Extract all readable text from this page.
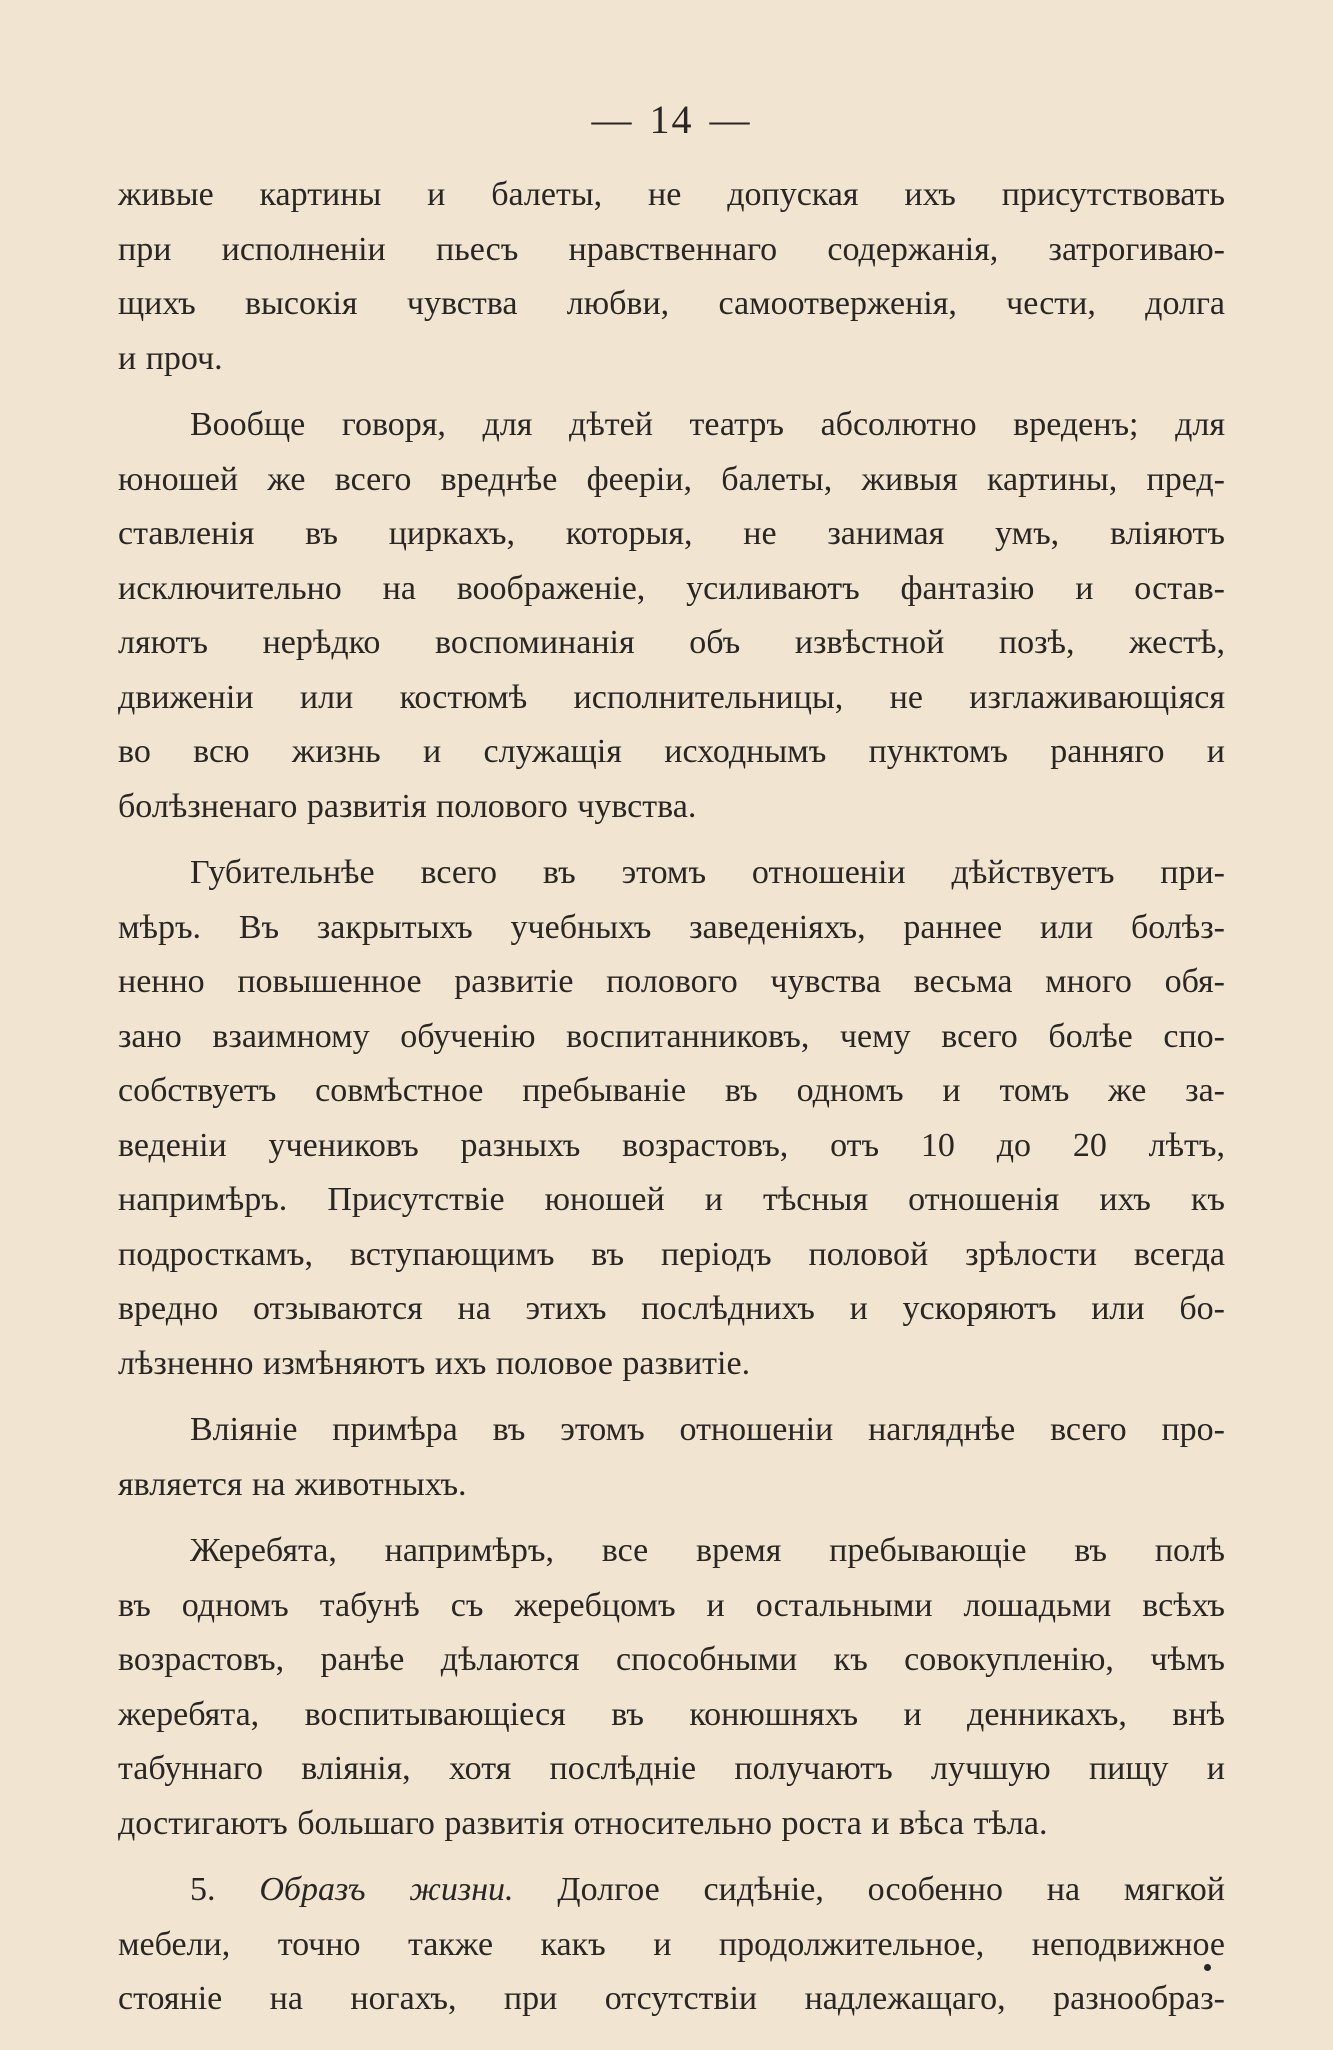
— 14 —

живые картины и балеты, не допуская ихъ присутствовать

при исполненіи пьесъ нравственнаго содержанія, затрогиваю-

щихъ высокія чувства любви, самоотверженія, чести, долга

и проч.

Вообще говоря, для дѣтей театръ абсолютно вреденъ; для

юношей же всего вреднѣе феерiи, балеты, живыя картины, пред-

ставленія въ циркахъ, которыя, не занимая умъ, вліяютъ

исключительно на воображеніе, усиливаютъ фантазію и остав-

ляютъ нерѣдко воспоминанія объ извѣстной позѣ, жестѣ,

движеніи или костюмѣ исполнительницы, не изглаживающіяся

во всю жизнь и служащія исходнымъ пунктомъ ранняго и

болѣзненаго развитія полового чувства.

Губительнѣе всего въ этомъ отношеніи дѣйствуетъ при-

мѣръ. Въ закрытыхъ учебныхъ заведеніяхъ, раннее или болѣз-

ненно повышенное развитіе полового чувства весьма много обя-

зано взаимному обученію воспитанниковъ, чему всего болѣе спо-

собствуетъ совмѣстное пребываніе въ одномъ и томъ же за-

веденіи учениковъ разныхъ возрастовъ, отъ 10 до 20 лѣтъ,

напримѣръ. Присутствіе юношей и тѣсныя отношенія ихъ къ

подросткамъ, вступающимъ въ періодъ половой зрѣлости всегда

вредно отзываются на этихъ послѣднихъ и ускоряютъ или бо-

лѣзненно измѣняютъ ихъ половое развитіе.

Вліяніе примѣра въ этомъ отношеніи нагляднѣе всего про-

являетcя на животныхъ.

Жеребята, напримѣръ, все время пребывающіе въ полѣ

въ одномъ табунѣ съ жеребцомъ и остальными лошадьми всѣхъ

возрастовъ, ранѣе дѣлаются способными къ совокупленію, чѣмъ

жеребята, воспитывающіеся въ конюшняхъ и денникахъ, внѣ

табуннаго вліянія, хотя послѣдніе получаютъ лучшую пищу и

достигаютъ большаго развитія относительно роста и вѣса тѣла.

5. Образъ жизни. Долгое сидѣніе, особенно на мягкой

мебели, точно также какъ и продолжительное, неподвижное

стояніе на ногахъ, при отсутствіи надлежащаго, разнообраз-
